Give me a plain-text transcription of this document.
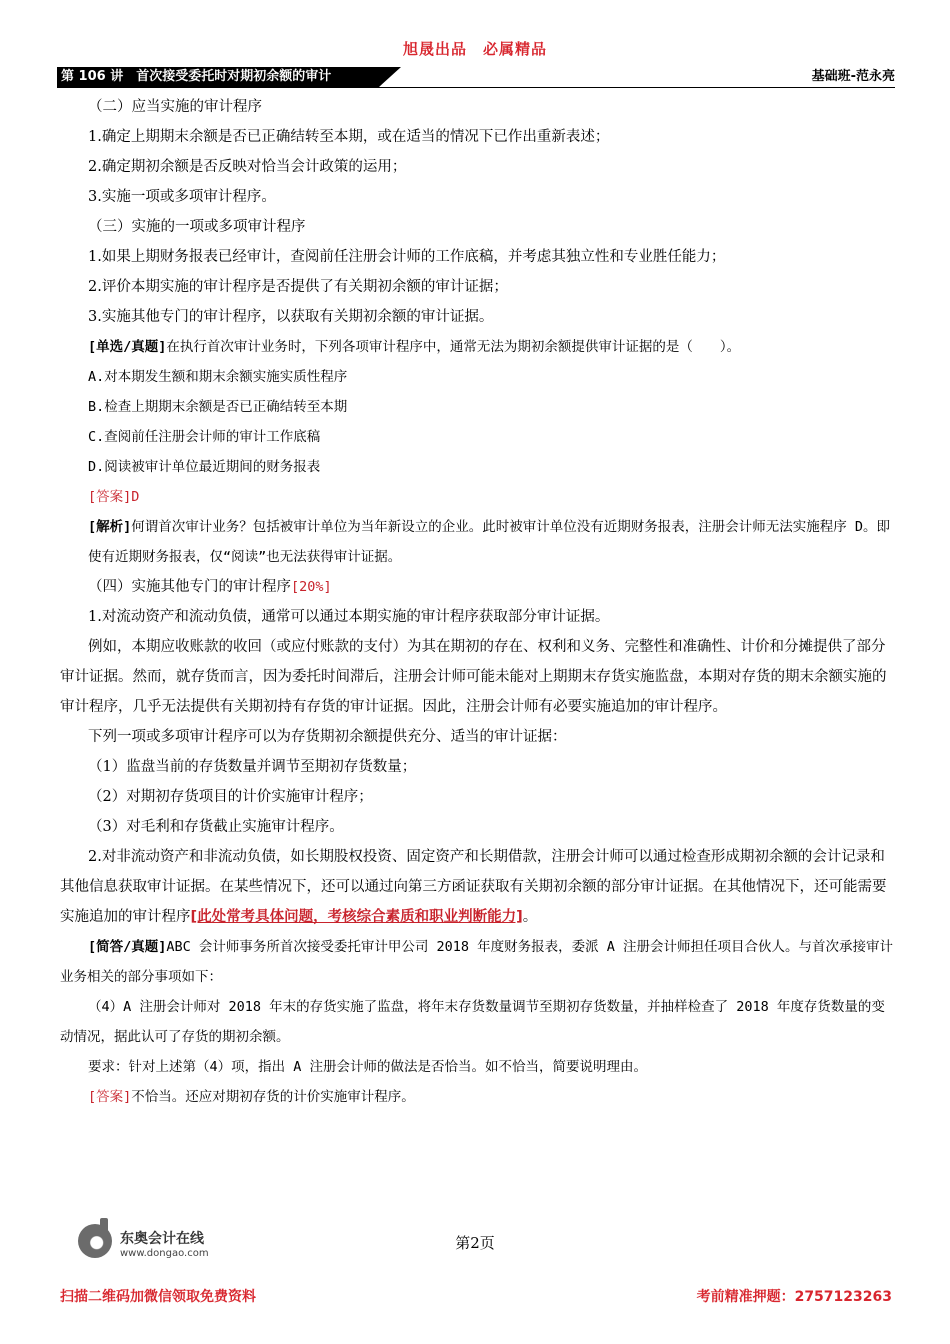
旭晟出品　必属精品
第 106 讲　首次接受委托时对期初余额的审计	基础班-范永亮

（二）应当实施的审计程序

1.确定上期期末余额是否已正确结转至本期，或在适当的情况下已作出重新表述；

2.确定期初余额是否反映对恰当会计政策的运用；

3.实施一项或多项审计程序。

（三）实施的一项或多项审计程序

1.如果上期财务报表已经审计，查阅前任注册会计师的工作底稿，并考虑其独立性和专业胜任能力；

2.评价本期实施的审计程序是否提供了有关期初余额的审计证据；

3.实施其他专门的审计程序，以获取有关期初余额的审计证据。

[单选/真题]在执行首次审计业务时，下列各项审计程序中，通常无法为期初余额提供审计证据的是（　　）。

A.对本期发生额和期末余额实施实质性程序

B.检查上期期末余额是否已正确结转至本期

C.查阅前任注册会计师的审计工作底稿

D.阅读被审计单位最近期间的财务报表

[答案]D

[解析]何谓首次审计业务？包括被审计单位为当年新设立的企业。此时被审计单位没有近期财务报表，注册会计师无法实施程序 D。即使有近期财务报表，仅“阅读”也无法获得审计证据。

（四）实施其他专门的审计程序[20%]

1.对流动资产和流动负债，通常可以通过本期实施的审计程序获取部分审计证据。

例如，本期应收账款的收回（或应付账款的支付）为其在期初的存在、权利和义务、完整性和准确性、计价和分摊提供了部分审计证据。然而，就存货而言，因为委托时间滞后，注册会计师可能未能对上期期末存货实施监盘，本期对存货的期末余额实施的审计程序，几乎无法提供有关期初持有存货的审计证据。因此，注册会计师有必要实施追加的审计程序。

下列一项或多项审计程序可以为存货期初余额提供充分、适当的审计证据：

（1）监盘当前的存货数量并调节至期初存货数量；

（2）对期初存货项目的计价实施审计程序；

（3）对毛利和存货截止实施审计程序。

2.对非流动资产和非流动负债，如长期股权投资、固定资产和长期借款，注册会计师可以通过检查形成期初余额的会计记录和其他信息获取审计证据。在某些情况下，还可以通过向第三方函证获取有关期初余额的部分审计证据。在其他情况下，还可能需要实施追加的审计程序[此处常考具体问题，考核综合素质和职业判断能力]。

[简答/真题]ABC 会计师事务所首次接受委托审计甲公司 2018 年度财务报表，委派 A 注册会计师担任项目合伙人。与首次承接审计业务相关的部分事项如下：

（4）A 注册会计师对 2018 年末的存货实施了监盘，将年末存货数量调节至期初存货数量，并抽样检查了 2018 年度存货数量的变动情况，据此认可了存货的期初余额。

要求：针对上述第（4）项，指出 A 注册会计师的做法是否恰当。如不恰当，简要说明理由。

[答案]不恰当。还应对期初存货的计价实施审计程序。

东奥会计在线
www.dongao.com
第2页
扫描二维码加微信领取免费资料	考前精准押题：2757123263
